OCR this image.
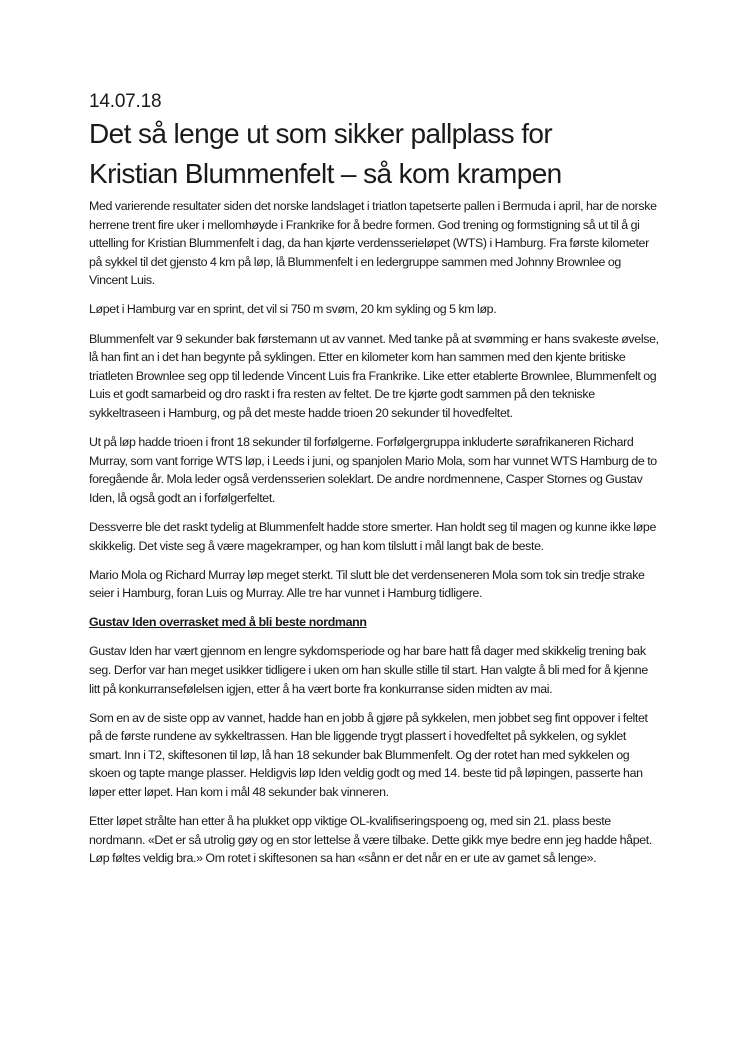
14.07.18

Det så lenge ut som sikker pallplass for
Kristian Blummenfelt – så kom krampen

Med varierende resultater siden det norske landslaget i triatlon tapetserte pallen i Bermuda i april, har de norske herrene trent fire uker i mellomhøyde i Frankrike for å bedre formen. God trening og formstigning så ut til å gi uttelling for Kristian Blummenfelt i dag, da han kjørte verdensserieløpet (WTS) i Hamburg. Fra første kilometer på sykkel til det gjensto 4 km på løp, lå Blummenfelt i en ledergruppe sammen med Johnny Brownlee og Vincent Luis.

Løpet i Hamburg var en sprint, det vil si 750 m svøm, 20 km sykling og 5 km løp.

Blummenfelt var 9 sekunder bak førstemann ut av vannet. Med tanke på at svømming er hans svakeste øvelse, lå han fint an i det han begynte på syklingen. Etter en kilometer kom han sammen med den kjente britiske triatleten Brownlee seg opp til ledende Vincent Luis fra Frankrike. Like etter etablerte Brownlee, Blummenfelt og Luis et godt samarbeid og dro raskt i fra resten av feltet. De tre kjørte godt sammen på den tekniske sykkeltraseen i Hamburg, og på det meste hadde trioen 20 sekunder til hovedfeltet.

Ut på løp hadde trioen i front 18 sekunder til forfølgerne. Forfølgergruppa inkluderte sørafrikaneren Richard Murray, som vant forrige WTS løp, i Leeds i juni, og spanjolen Mario Mola, som har vunnet WTS Hamburg de to foregående år. Mola leder også verdensserien soleklart. De andre nordmennene, Casper Stornes og Gustav Iden, lå også godt an i forfølgerfeltet.

Dessverre ble det raskt tydelig at Blummenfelt hadde store smerter. Han holdt seg til magen og kunne ikke løpe skikkelig. Det viste seg å være magekramper, og han kom tilslutt i mål langt bak de beste.

Mario Mola og Richard Murray løp meget sterkt. Til slutt ble det verdenseneren Mola som tok sin tredje strake seier i Hamburg, foran Luis og Murray. Alle tre har vunnet i Hamburg tidligere.

Gustav Iden overrasket med å bli beste nordmann

Gustav Iden har vært gjennom en lengre sykdomsperiode og har bare hatt få dager med skikkelig trening bak seg. Derfor var han meget usikker tidligere i uken om han skulle stille til start. Han valgte å bli med for å kjenne litt på konkurransefølelsen igjen, etter å ha vært borte fra konkurranse siden midten av mai.

Som en av de siste opp av vannet, hadde han en jobb å gjøre på sykkelen, men jobbet seg fint oppover i feltet på de første rundene av sykkeltrassen. Han ble liggende trygt plassert i hovedfeltet på sykkelen, og syklet smart. Inn i T2, skiftesonen til løp, lå han 18 sekunder bak Blummenfelt. Og der rotet han med sykkelen og skoen og tapte mange plasser. Heldigvis løp Iden veldig godt og med 14. beste tid på løpingen, passerte han løper etter løpet. Han kom i mål 48 sekunder bak vinneren.

Etter løpet strålte han etter å ha plukket opp viktige OL-kvalifiseringspoeng og, med sin 21. plass beste nordmann. «Det er så utrolig gøy og en stor lettelse å være tilbake. Dette gikk mye bedre enn jeg hadde håpet. Løp føltes veldig bra.» Om rotet i skiftesonen sa han «sånn er det når en er ute av gamet så lenge».
